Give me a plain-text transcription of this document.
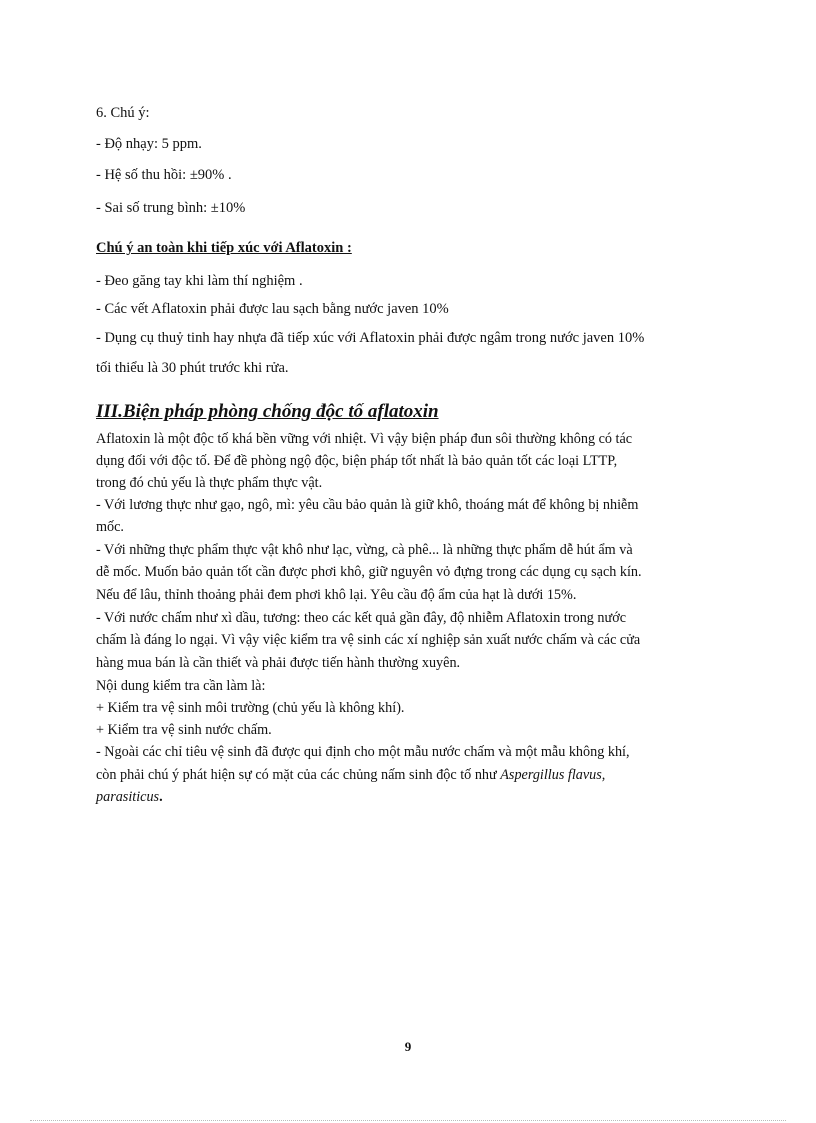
6. Chú ý:
- Độ nhạy: 5 ppm.
- Hệ số thu hồi: ±90% .
- Sai số trung bình: ±10%
Chú ý an toàn khi tiếp xúc với Aflatoxin :
- Đeo găng tay khi làm thí nghiệm .
- Các vết Aflatoxin phải được lau sạch bằng nước javen 10%
- Dụng cụ thuỷ tinh hay nhựa đã tiếp xúc với Aflatoxin phải được ngâm trong nước javen 10%
tối thiểu là 30 phút trước khi rửa.
III.Biện pháp phòng chống độc tố aflatoxin
Aflatoxin là một độc tố khá bền vững với nhiệt. Vì vậy biện pháp đun sôi thường không có tác
dụng đối với độc tố. Để đề phòng ngộ độc, biện pháp tốt nhất là bảo quản tốt các loại LTTP,
trong đó chủ yếu là thực phẩm thực vật.
- Với lương thực như gạo, ngô, mì: yêu cầu bảo quản là giữ khô, thoáng mát để không bị nhiễm
mốc.
- Với những thực phẩm thực vật khô như lạc, vừng, cà phê... là những thực phẩm dễ hút ẩm và
dễ mốc. Muốn bảo quản tốt cần được phơi khô, giữ nguyên vỏ đựng trong các dụng cụ sạch kín.
Nếu để lâu, thỉnh thoảng phải đem phơi khô lại. Yêu cầu độ ẩm của hạt là dưới 15%.
- Với nước chấm như xì dầu, tương: theo các kết quả gần đây, độ nhiễm Aflatoxin trong nước
chấm là đáng lo ngại. Vì vậy việc kiểm tra vệ sinh các xí nghiệp sản xuất nước chấm và các cửa
hàng mua bán là cần thiết và phải được tiến hành thường xuyên.
Nội dung kiểm tra cần làm là:
+ Kiểm tra vệ sinh môi trường (chủ yếu là không khí).
+ Kiểm tra vệ sinh nước chấm.
- Ngoài các chỉ tiêu vệ sinh đã được qui định cho một mẫu nước chấm và một mẫu không khí,
còn phải chú ý phát hiện sự có mặt của các chủng nấm sinh độc tố như Aspergillus flavus,
parasiticus.
9
